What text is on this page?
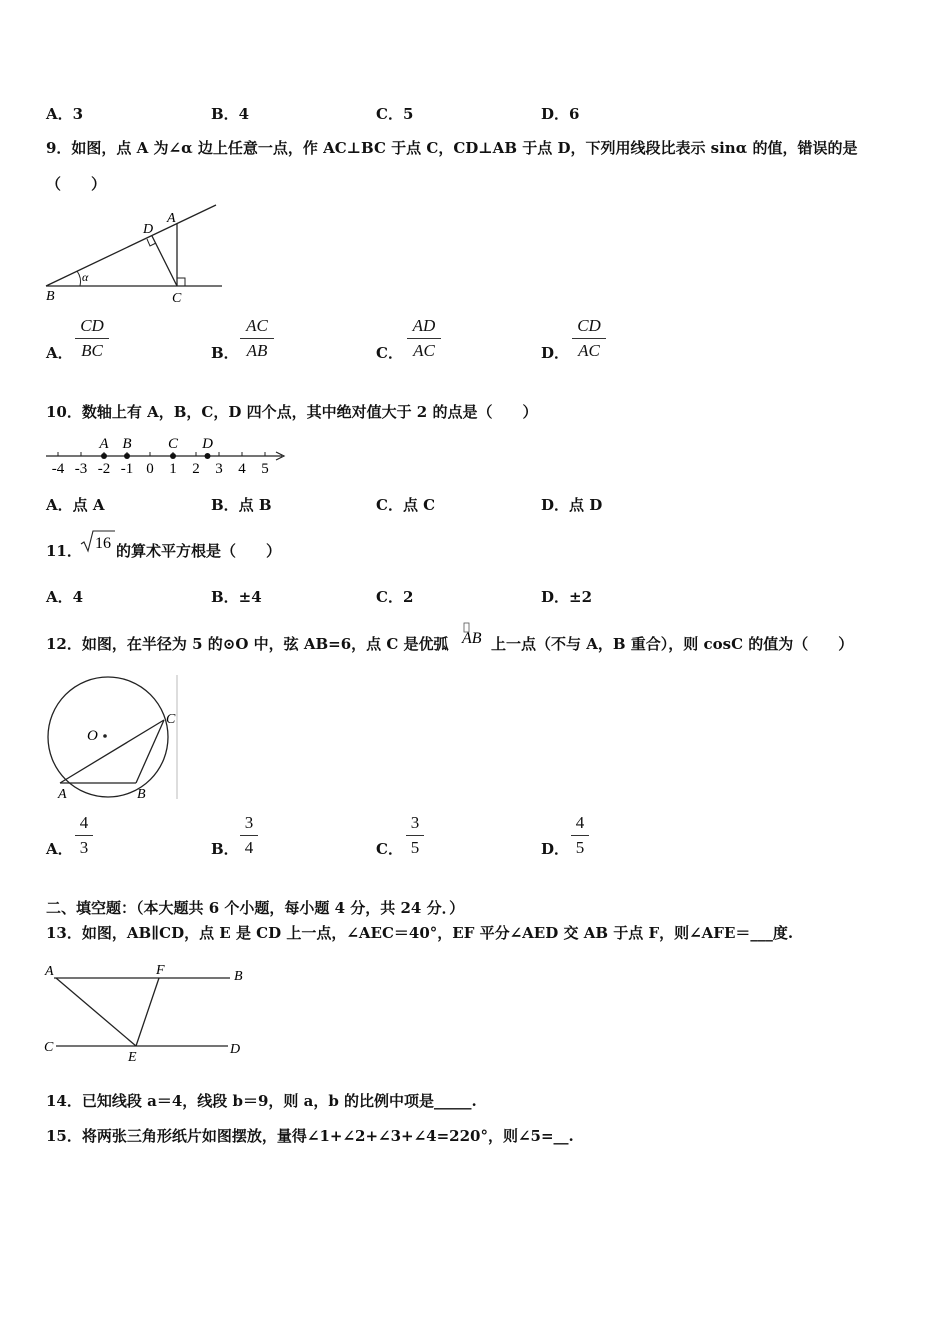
A．3	B．4	C．5	D．6
9．如图，点 A 为∠α 边上任意一点，作 AC⊥BC 于点 C，CD⊥AB 于点 D，下列用线段比表示 sinα 的值，错误的是
（　　）
B	C
D
A
α
A． $\frac{CD}{BC}$	B． $\frac{AC}{AB}$	C． $\frac{AD}{AC}$	D． $\frac{CD}{AC}$
10．数轴上有 A，B，C，D 四个点，其中绝对值大于 2 的点是（　　）
-4 -3 -2 -1 0 1 2 3 4 5
A B C D
A．点 A	B．点 B	C．点 C	D．点 D
11． 16 的算术平方根是（　　）
A．4	B．±4	C．2	D．±2
12．如图，在半径为 5 的⊙O 中，弦 AB=6，点 C 是优弧 AB 上一点（不与 A，B 重合），则 cosC 的值为（　　）
O
A	B
C
A． $\frac{4}{3}$	B． $\frac{3}{4}$	C． $\frac{3}{5}$	D． $\frac{4}{5}$
二、填空题：（本大题共 6 个小题，每小题 4 分，共 24 分．）
13．如图，AB∥CD，点 E 是 CD 上一点，∠AEC＝40°，EF 平分∠AED 交 AB 于点 F，则∠AFE＝___度.
A	F	B
C
E
D
14．已知线段 a＝4，线段 b＝9，则 a，b 的比例中项是_____.
15．将两张三角形纸片如图摆放，量得∠1+∠2+∠3+∠4=220°，则∠5=__.
